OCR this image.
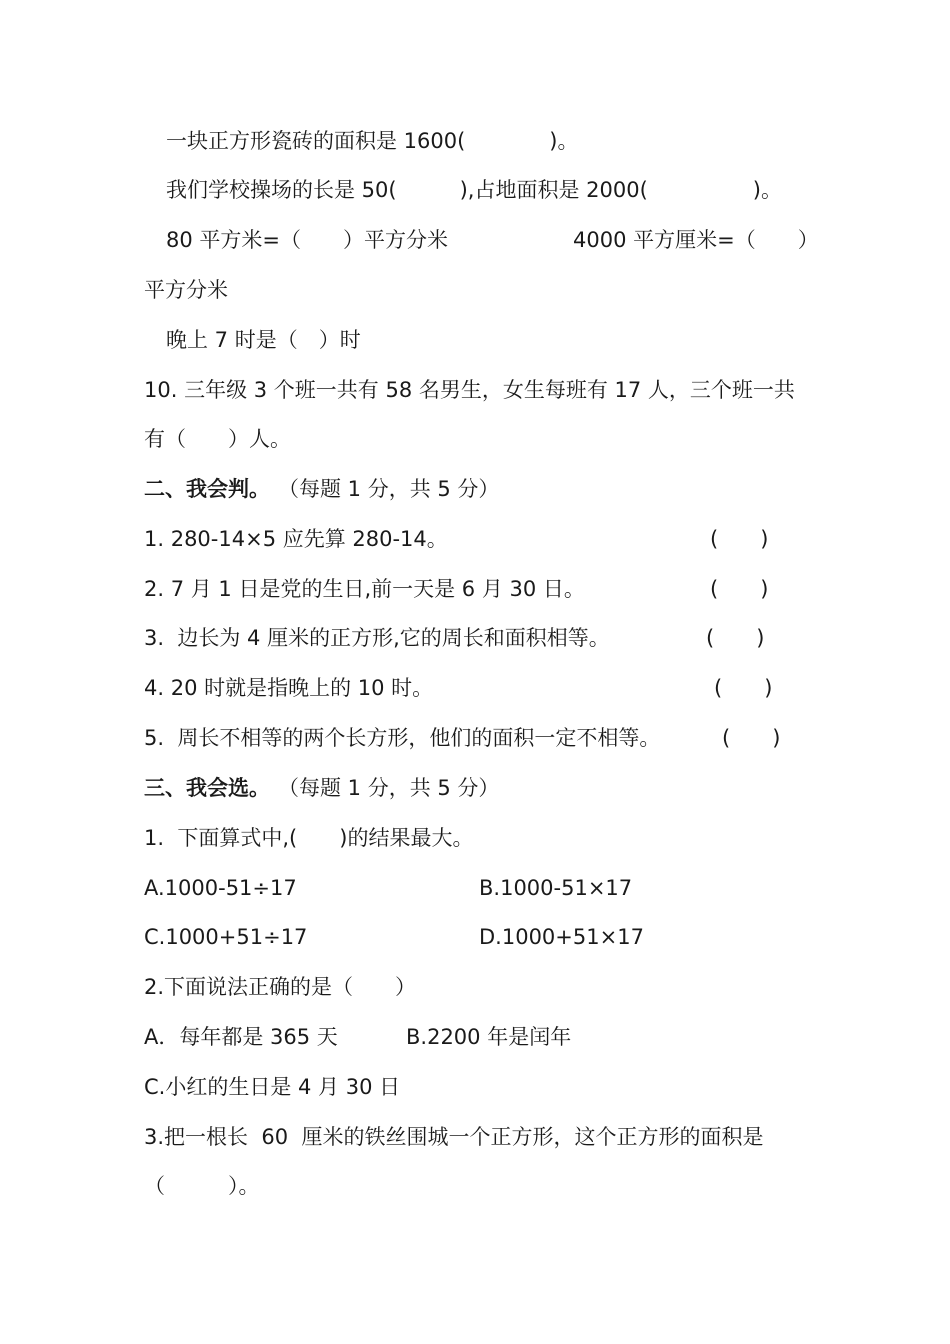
一块正方形瓷砖的面积是 1600(　　　　)。
我们学校操场的长是 50(　　　),占地面积是 2000(　　　　　)。
80 平方米=（　　）平方分米	4000 平方厘米=（　　）
平方分米
晚上 7 时是（　）时
10. 三年级 3 个班一共有 58 名男生，女生每班有 17 人，三个班一共
有（　　）人。
二、我会判。 （每题 1 分，共 5 分）
1. 280-14×5 应先算 280-14。	(　　)
2. 7 月 1 日是党的生日,前一天是 6 月 30 日。	(　　)
3.  边长为 4 厘米的正方形,它的周长和面积相等。	(　　)
4. 20 时就是指晚上的 10 时。	(　　)
5.  周长不相等的两个长方形，他们的面积一定不相等。	(　　)
三、我会选。 （每题 1 分，共 5 分）
1.  下面算式中,(　　)的结果最大。
A.1000-51÷17	B.1000-51×17
C.1000+51÷17	D.1000+51×17
2.下面说法正确的是（　　）
A．每年都是 365 天	B.2200 年是闰年
C.小红的生日是 4 月 30 日
3.把一根长  60  厘米的铁丝围城一个正方形，这个正方形的面积是
（　　　）。
